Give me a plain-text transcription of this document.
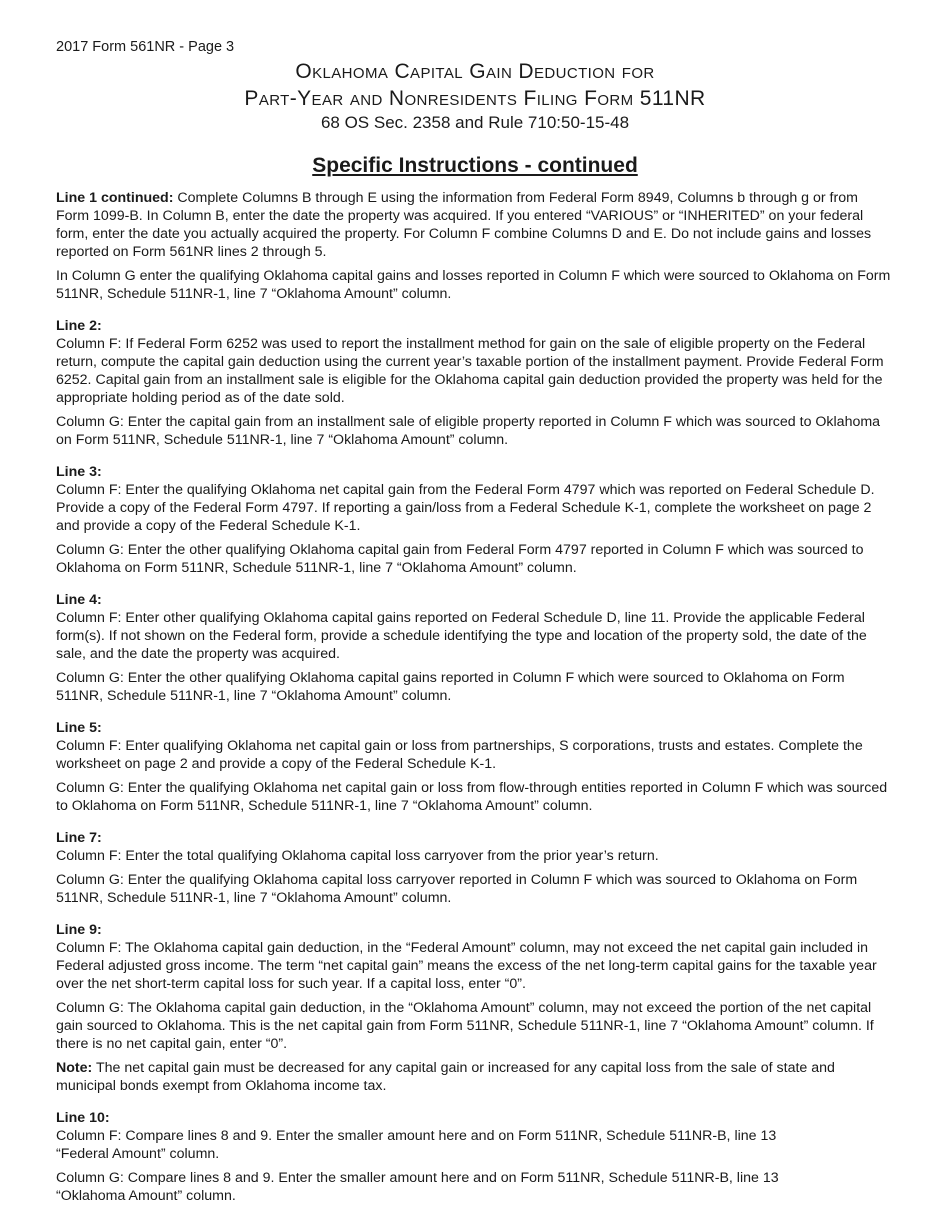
2017 Form 561NR - Page 3
Oklahoma Capital Gain Deduction for
Part-Year and Nonresidents Filing Form 511NR
68 OS Sec. 2358 and Rule 710:50-15-48
Specific Instructions - continued

Line 1 continued: Complete Columns B through E using the information from Federal Form 8949, Columns b through g or from Form 1099-B. In Column B, enter the date the property was acquired. If you entered “VARIOUS” or “INHERITED” on your federal form, enter the date you actually acquired the property. For Column F combine Columns D and E. Do not include gains and losses reported on Form 561NR lines 2 through 5.

In Column G enter the qualifying Oklahoma capital gains and losses reported in Column F which were sourced to Oklahoma on Form 511NR, Schedule 511NR-1, line 7 “Oklahoma Amount” column.

Line 2:

Column F: If Federal Form 6252 was used to report the installment method for gain on the sale of eligible property on the Federal return, compute the capital gain deduction using the current year’s taxable portion of the installment payment. Provide Federal Form 6252. Capital gain from an installment sale is eligible for the Oklahoma capital gain deduction provided the property was held for the appropriate holding period as of the date sold.

Column G: Enter the capital gain from an installment sale of eligible property reported in Column F which was sourced to Oklahoma on Form 511NR, Schedule 511NR-1, line 7 “Oklahoma Amount” column.

Line 3:

Column F: Enter the qualifying Oklahoma net capital gain from the Federal Form 4797 which was reported on Federal Schedule D. Provide a copy of the Federal Form 4797. If reporting a gain/loss from a Federal Schedule K-1, complete the worksheet on page 2 and provide a copy of the Federal Schedule K-1.

Column G: Enter the other qualifying Oklahoma capital gain from Federal Form 4797 reported in Column F which was sourced to Oklahoma on Form 511NR, Schedule 511NR-1, line 7 “Oklahoma Amount” column.

Line 4:

Column F: Enter other qualifying Oklahoma capital gains reported on Federal Schedule D, line 11. Provide the applicable Federal form(s). If not shown on the Federal form, provide a schedule identifying the type and location of the property sold, the date of the sale, and the date the property was acquired.

Column G: Enter the other qualifying Oklahoma capital gains reported in Column F which were sourced to Oklahoma on Form 511NR, Schedule 511NR-1, line 7 “Oklahoma Amount” column.

Line 5:

Column F: Enter qualifying Oklahoma net capital gain or loss from partnerships, S corporations, trusts and estates. Complete the worksheet on page 2 and provide a copy of the Federal Schedule K-1.

Column G: Enter the qualifying Oklahoma net capital gain or loss from flow-through entities reported in Column F which was sourced to Oklahoma on Form 511NR, Schedule 511NR-1, line 7 “Oklahoma Amount” column.

Line 7:

Column F: Enter the total qualifying Oklahoma capital loss carryover from the prior year’s return.

Column G: Enter the qualifying Oklahoma capital loss carryover reported in Column F which was sourced to Oklahoma on Form 511NR, Schedule 511NR-1, line 7 “Oklahoma Amount” column.

Line 9:

Column F: The Oklahoma capital gain deduction, in the “Federal Amount” column, may not exceed the net capital gain included in Federal adjusted gross income. The term “net capital gain” means the excess of the net long-term capital gains for the taxable year over the net short-term capital loss for such year. If a capital loss, enter “0”.

Column G: The Oklahoma capital gain deduction, in the “Oklahoma Amount” column, may not exceed the portion of the net capital gain sourced to Oklahoma. This is the net capital gain from Form 511NR, Schedule 511NR-1, line 7 “Oklahoma Amount” column. If there is no net capital gain, enter “0”.

Note: The net capital gain must be decreased for any capital gain or increased for any capital loss from the sale of state and municipal bonds exempt from Oklahoma income tax.

Line 10:

Column F: Compare lines 8 and 9. Enter the smaller amount here and on Form 511NR, Schedule 511NR-B, line 13
“Federal Amount” column.

Column G: Compare lines 8 and 9. Enter the smaller amount here and on Form 511NR, Schedule 511NR-B, line 13
“Oklahoma Amount” column.
